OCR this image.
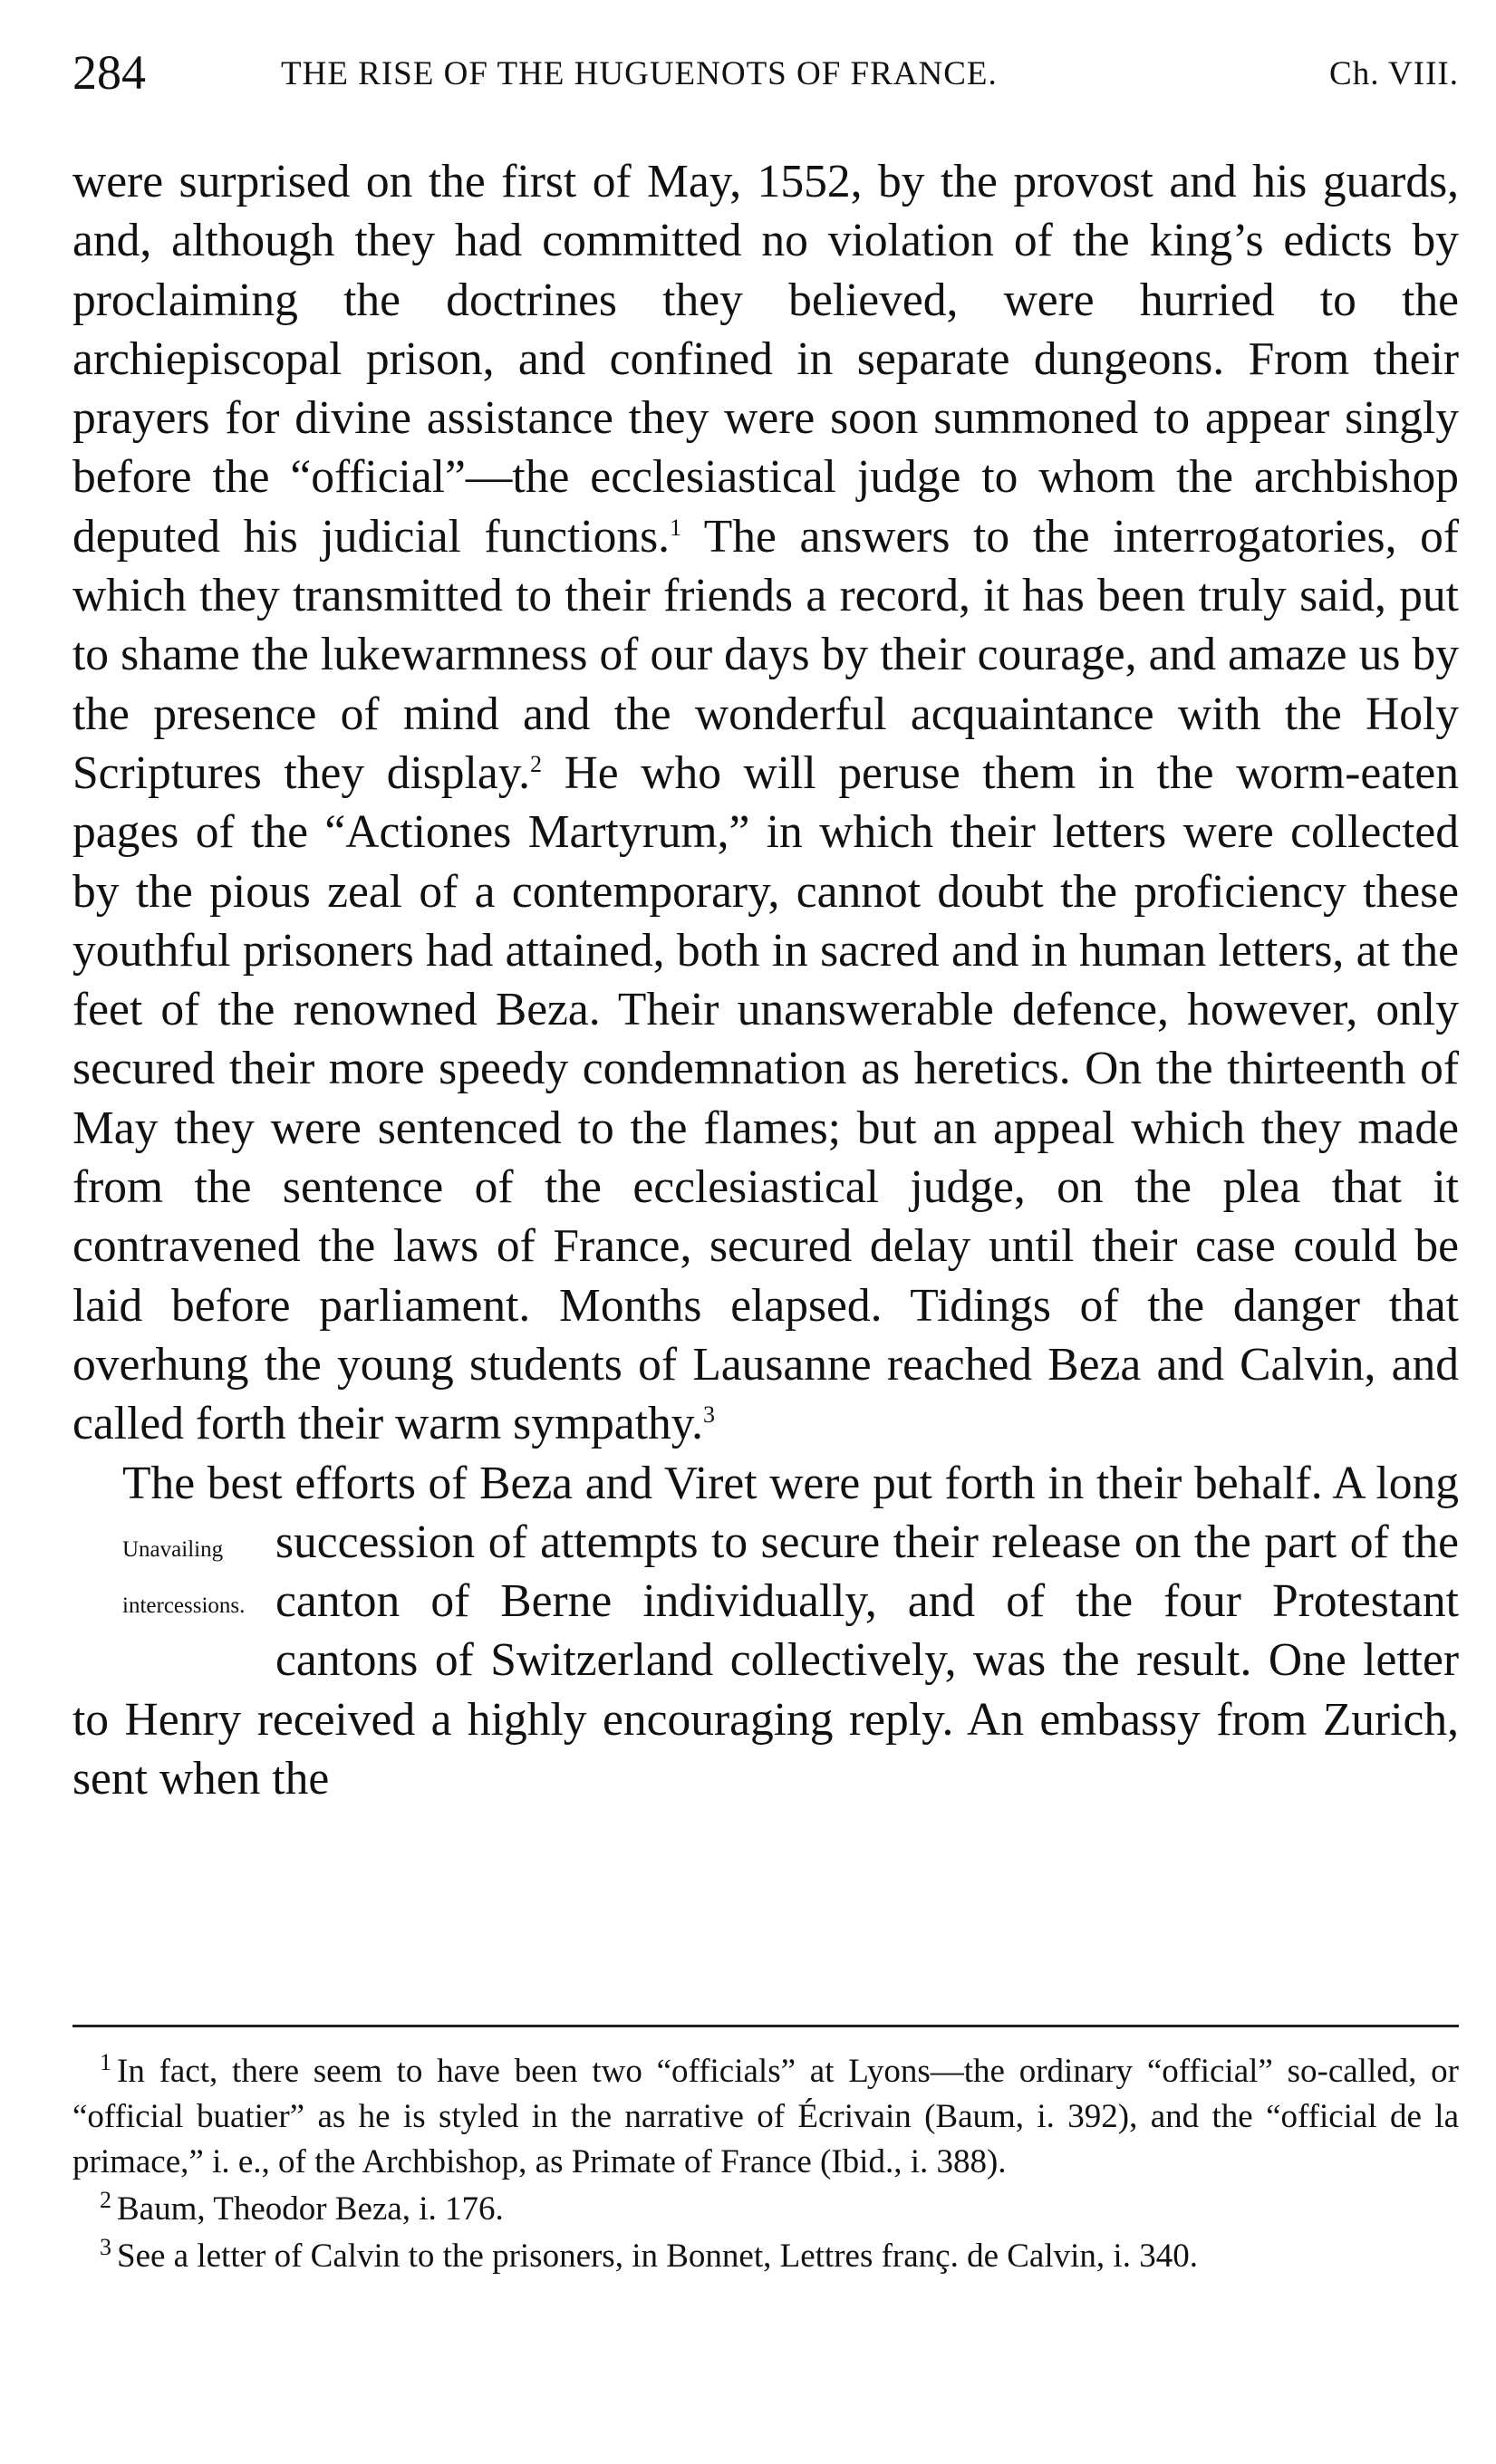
284	THE RISE OF THE HUGUENOTS OF FRANCE.	Ch. VIII.

were surprised on the first of May, 1552, by the provost and his guards, and, although they had committed no violation of the king’s edicts by proclaiming the doctrines they believed, were hurried to the archiepiscopal prison, and confined in separate dungeons. From their prayers for divine assistance they were soon summoned to appear singly before the “official”—the ecclesiastical judge to whom the archbishop deputed his judicial functions.$^1$ The answers to the interrogatories, of which they transmitted to their friends a record, it has been truly said, put to shame the lukewarmness of our days by their courage, and amaze us by the presence of mind and the wonderful acquaintance with the Holy Scriptures they display.$^2$ He who will peruse them in the worm-eaten pages of the “Actiones Martyrum,” in which their letters were collected by the pious zeal of a contemporary, cannot doubt the proficiency these youthful prisoners had attained, both in sacred and in human letters, at the feet of the renowned Beza. Their unanswerable defence, however, only secured their more speedy condemnation as heretics. On the thirteenth of May they were sentenced to the flames; but an appeal which they made from the sentence of the ecclesiastical judge, on the plea that it contravened the laws of France, secured delay until their case could be laid before parliament. Months elapsed. Tidings of the danger that overhung the young students of Lausanne reached Beza and Calvin, and called forth their warm sympathy.$^3$

The best efforts of Beza and Viret were put forth in their behalf. A long succession of attempts to secure their release
Unavailing
intercessions.
on the part of the canton of Berne individually, and of the four Protestant cantons of Switzerland collectively, was the result. One letter to Henry received a highly encouraging reply. An embassy from Zurich, sent when the

$^1$ In fact, there seem to have been two “officials” at Lyons—the ordinary “official” so-called, or “official buatier” as he is styled in the narrative of Écrivain (Baum, i. 392), and the “official de la primace,” i. e., of the Archbishop, as Primate of France (Ibid., i. 388).

$^2$ Baum, Theodor Beza, i. 176.

$^3$ See a letter of Calvin to the prisoners, in Bonnet, Lettres franç. de Calvin, i. 340.
